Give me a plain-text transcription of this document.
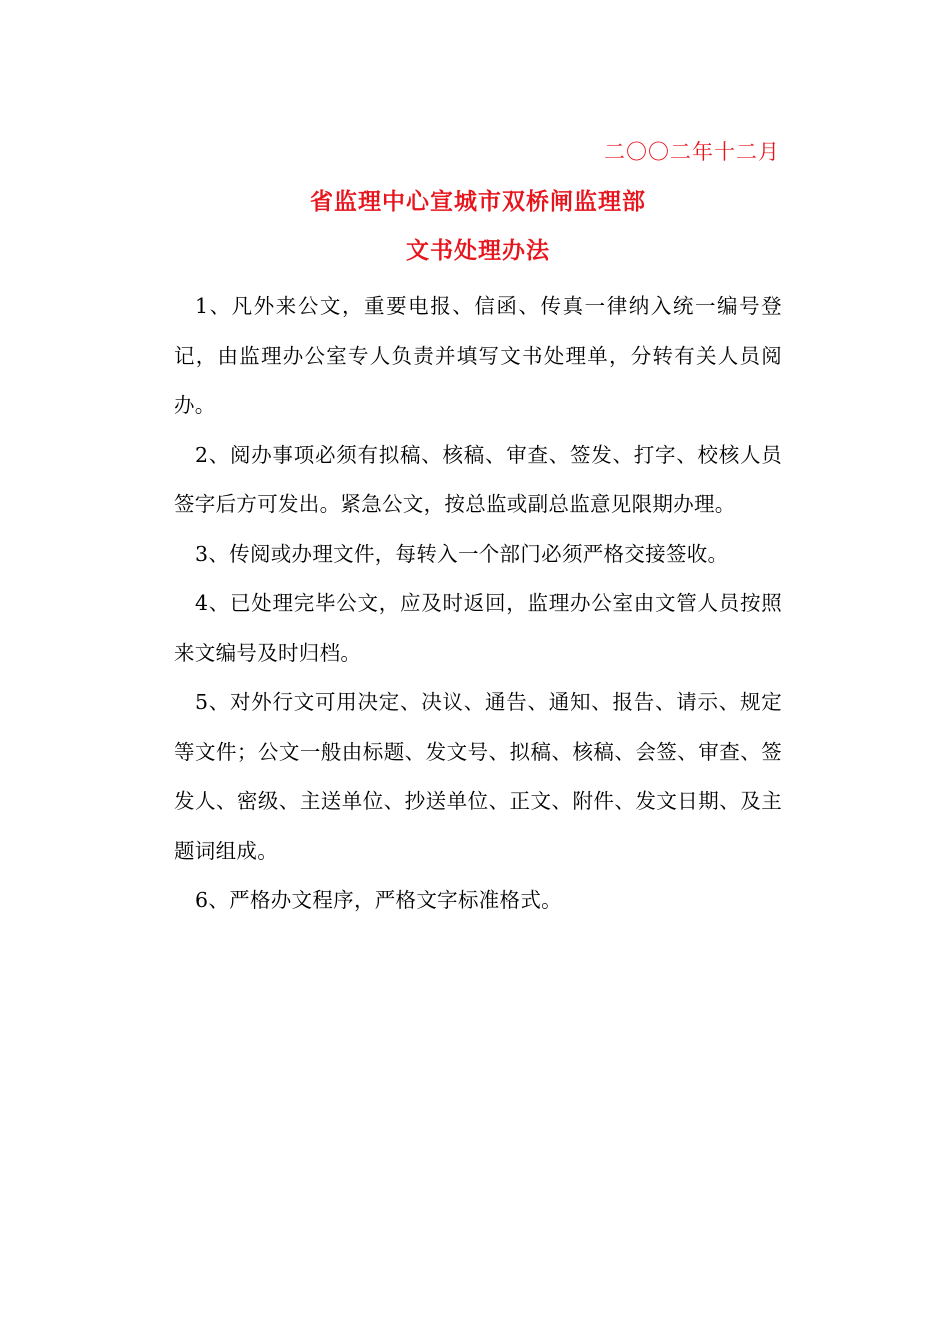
二〇〇二年十二月
省监理中心宣城市双桥闸监理部
文书处理办法

1、凡外来公文，重要电报、信函、传真一律纳入统一编号登记，由监理办公室专人负责并填写文书处理单，分转有关人员阅办。

2、阅办事项必须有拟稿、核稿、审查、签发、打字、校核人员签字后方可发出。紧急公文，按总监或副总监意见限期办理。

3、传阅或办理文件，每转入一个部门必须严格交接签收。

4、已处理完毕公文，应及时返回，监理办公室由文管人员按照来文编号及时归档。

5、对外行文可用决定、决议、通告、通知、报告、请示、规定等文件；公文一般由标题、发文号、拟稿、核稿、会签、审查、签发人、密级、主送单位、抄送单位、正文、附件、发文日期、及主题词组成。

6、严格办文程序，严格文字标准格式。
